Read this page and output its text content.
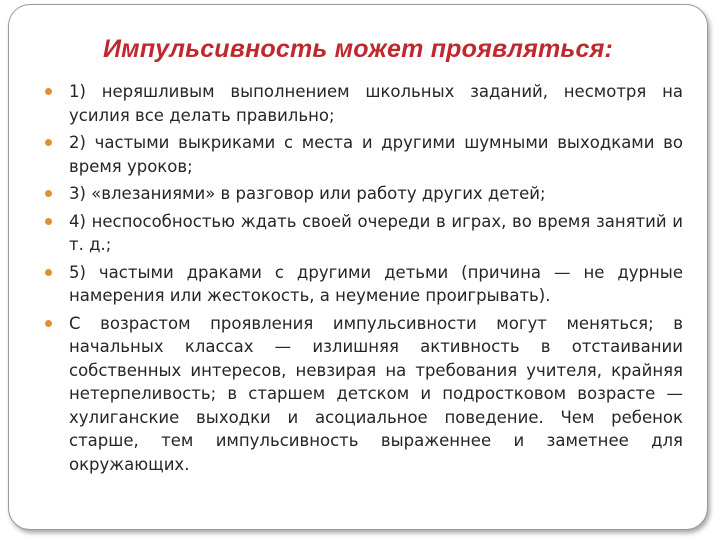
Импульсивность может проявляться:
1) неряшливым выполнением школьных заданий, несмотря на усилия все делать правильно;
2) частыми выкриками с места и другими шумными выходками во время уроков;
3) «влезаниями» в разговор или работу других детей;
4) неспособностью ждать своей очереди в играх, во время занятий и т. д.;
5) частыми драками с другими детьми (причина — не дурные намерения или жестокость, а неумение проигрывать).
С возрастом проявления импульсивности могут меняться; в начальных классах — излишняя активность в отстаивании собственных интересов, невзирая на требования учителя, крайняя нетерпеливость; в старшем детском и подростковом возрасте — хулиганские выходки и асоциальное поведение. Чем ребенок старше, тем импульсивность выраженнее и заметнее для окружающих.
